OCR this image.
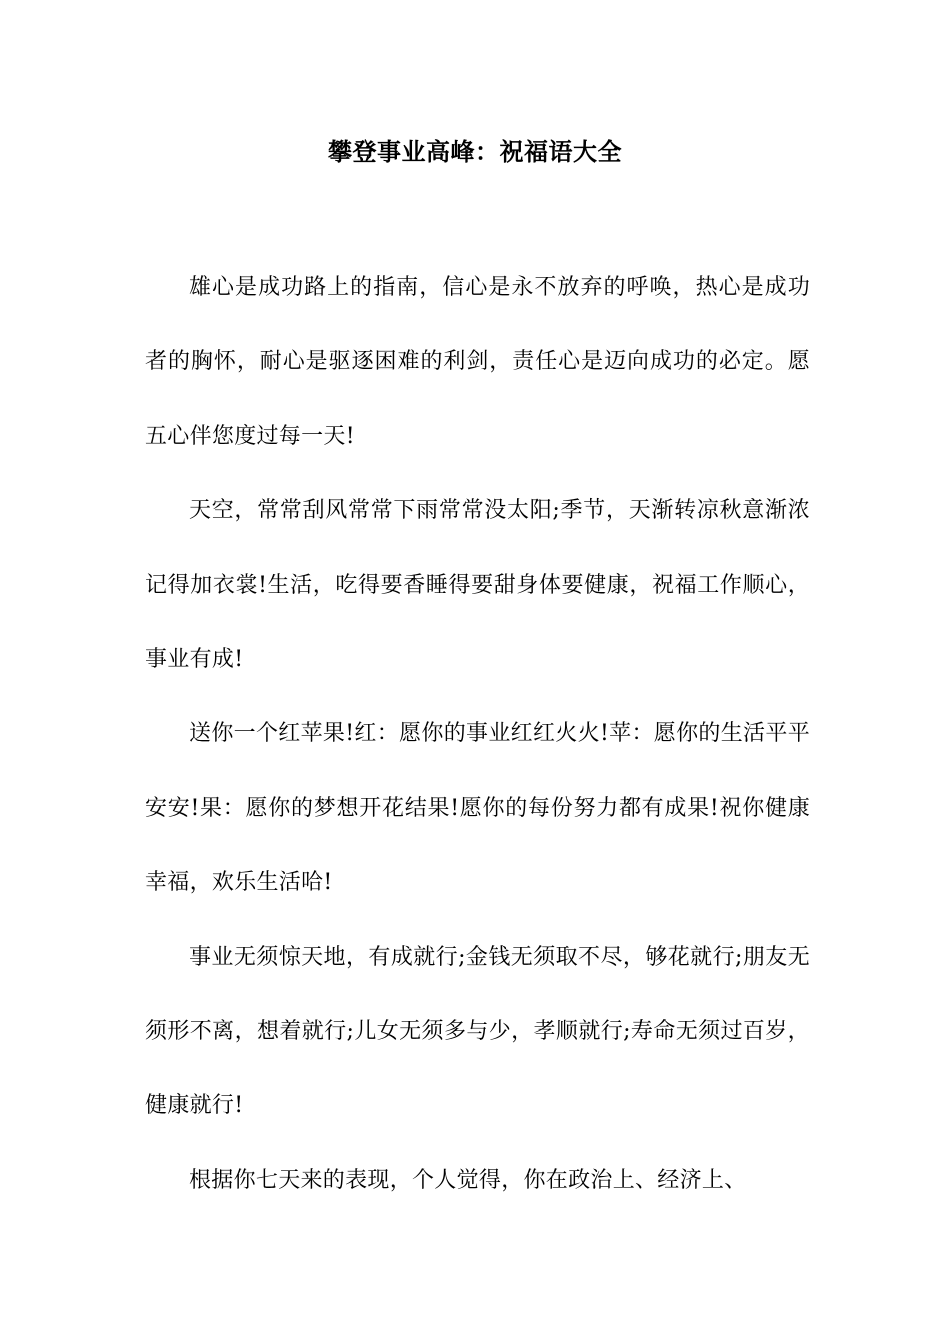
攀登事业高峰：祝福语大全

雄心是成功路上的指南，信心是永不放弃的呼唤，热心是成功者的胸怀，耐心是驱逐困难的利剑，责任心是迈向成功的必定。愿五心伴您度过每一天!

天空，常常刮风常常下雨常常没太阳;季节，天渐转凉秋意渐浓记得加衣裳!生活，吃得要香睡得要甜身体要健康，祝福工作顺心，事业有成!

送你一个红苹果!红：愿你的事业红红火火!苹：愿你的生活平平安安!果：愿你的梦想开花结果!愿你的每份努力都有成果!祝你健康幸福，欢乐生活哈!

事业无须惊天地，有成就行;金钱无须取不尽，够花就行;朋友无须形不离，想着就行;儿女无须多与少，孝顺就行;寿命无须过百岁，健康就行!

根据你七天来的表现，个人觉得，你在政治上、经济上、
